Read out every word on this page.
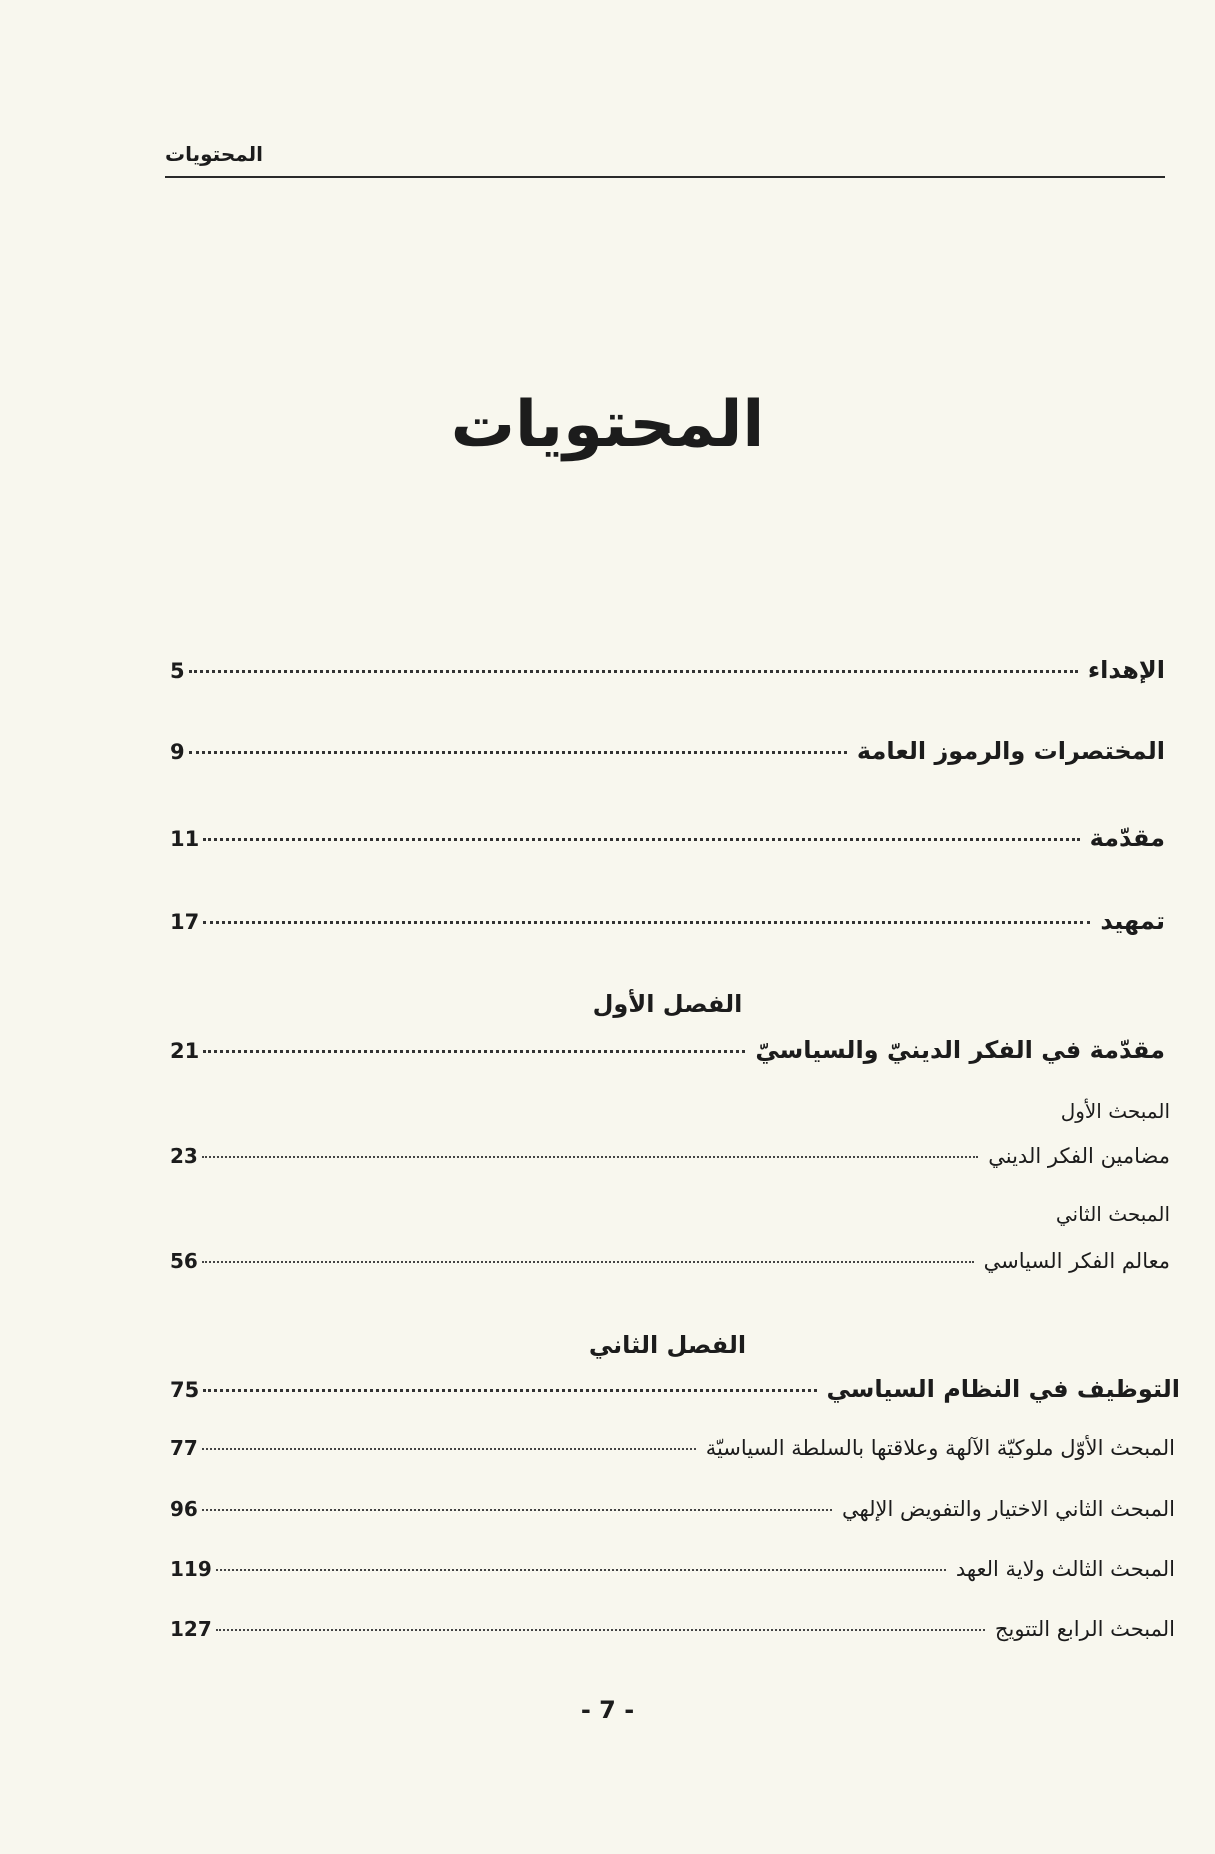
المحتويات
المحتويات
الإهداء
5
المختصرات والرموز العامة
9
مقدّمة
11
تمهيد
17
الفصل الأول
مقدّمة في الفكر الدينيّ والسياسيّ
21
المبحث الأول
مضامين الفكر الديني
23
المبحث الثاني
معالم الفكر السياسي
56
الفصل الثاني
التوظيف في النظام السياسي
75
المبحث الأوّل ملوكيّة الآلهة وعلاقتها بالسلطة السياسيّة
77
المبحث الثاني الاختيار والتفويض الإلهي
96
المبحث الثالث ولاية العهد
119
المبحث الرابع التتويج
127
- 7 -
